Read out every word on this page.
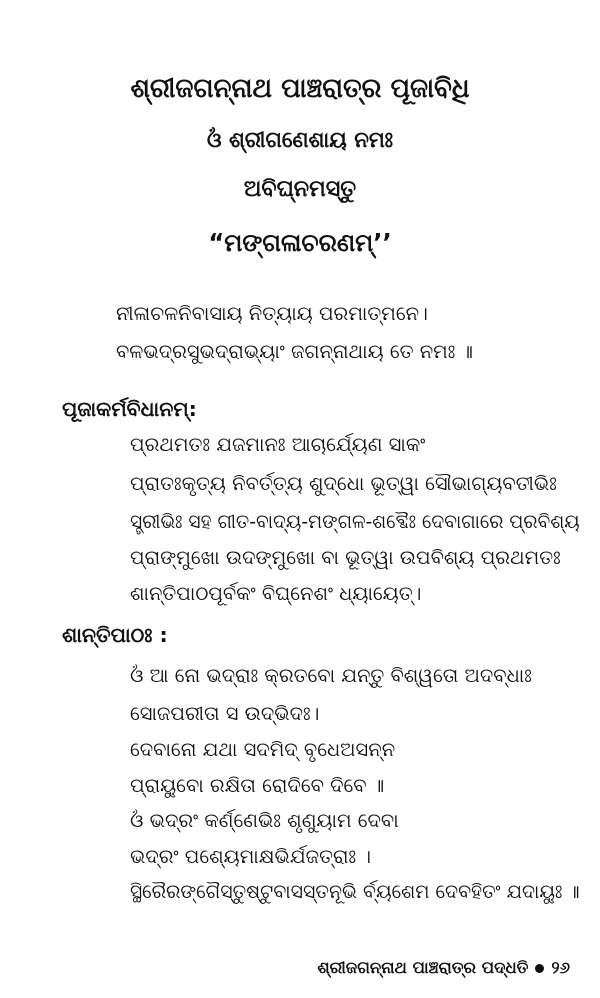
ଶ୍ରୀଜଗନ୍ନାଥ ପାଞ୍ଚରାତ୍ର ପୂଜାବିଧି
ଓଁ ଶ୍ରୀଗଣେଶାୟ ନମଃ
ଅବିଘ୍ନମସ୍ତୁ
“ମଙ୍ଗଳାଚରଣମ୍’’
ନୀଳାଚଳନିବାସାୟ ନିତ୍ୟାୟ ପରମାତ୍ମନେ।
ବଳଭଦ୍ରସୁଭଦ୍ରାଭ୍ୟାଂ ଜଗନ୍ନାଥାୟ ତେ ନମଃ ॥
ପୂଜାକର୍ମବିଧାନମ୍‌:
ପ୍ରଥମତଃ ଯଜମାନଃ ଆଚାର୍ଯ୍ୟେଣ ସାକଂ
ପ୍ରାତଃକୃତ୍ୟ ନିବର୍ତ୍ତ୍ୟ ଶୁଦ୍ଧୋ ଭୂତ୍ୱା ସୌଭାଗ୍ୟବତୀଭିଃ
ସ୍ତ୍ରୀଭିଃ ସହ ଗୀତ-ବାଦ୍ୟ-ମଙ୍ଗଳ-ଶବ୍ଦୈଃ ଦେବାଗାରେ ପ୍ରବିଶ୍ୟ
ପ୍ରାଙ୍ମୁଖୋ ଉଦଙ୍ମୁଖୋ ବା ଭୂତ୍ୱା ଉପବିଶ୍ୟ ପ୍ରଥମତଃ
ଶାନ୍ତିପାଠପୂର୍ବକଂ ବିଘ୍ନେଶଂ ଧ୍ୟାୟେତ୍‌।
ଶାନ୍ତିପାଠଃ :
ଓଁ ଆ ନୋ ଭଦ୍ରାଃ କ୍ରତବୋ ଯନ୍ତୁ ବିଶ୍ୱତୋ ଅଦବ୍ଧାଃ
ସୋଜପରୀତା ସ ଉଦ୍ଭିଦଃ।
ଦେବାନୋ ଯଥା ସଦମିଦ୍ ବୃଧେଅସନ୍ନ
ପ୍ରାୟୁବୋ ରକ୍ଷିତା ରୋଦିବେ ଦିବେ ॥
ଓଁ ଭଦ୍ରଂ କର୍ଣ୍ଣେଭିଃ ଶୃଣୁୟାମ ଦେବା
ଭଦ୍ରଂ ପଶ୍ୟେମାକ୍ଷଭିର୍ଯଜତ୍ରାଃ ।
ସ୍ଥିରୈରଙ୍ଗୈସ୍ତୁଷ୍ଟୁବାସସ୍ତନୂଭି ର୍ବ୍ୟଶେମ ଦେବହିତଂ ଯଦାୟୁଃ ॥
ଶ୍ରୀଜଗନ୍ନାଥ ପାଞ୍ଚରାତ୍ର ପଦ୍ଧତି ୨୬
